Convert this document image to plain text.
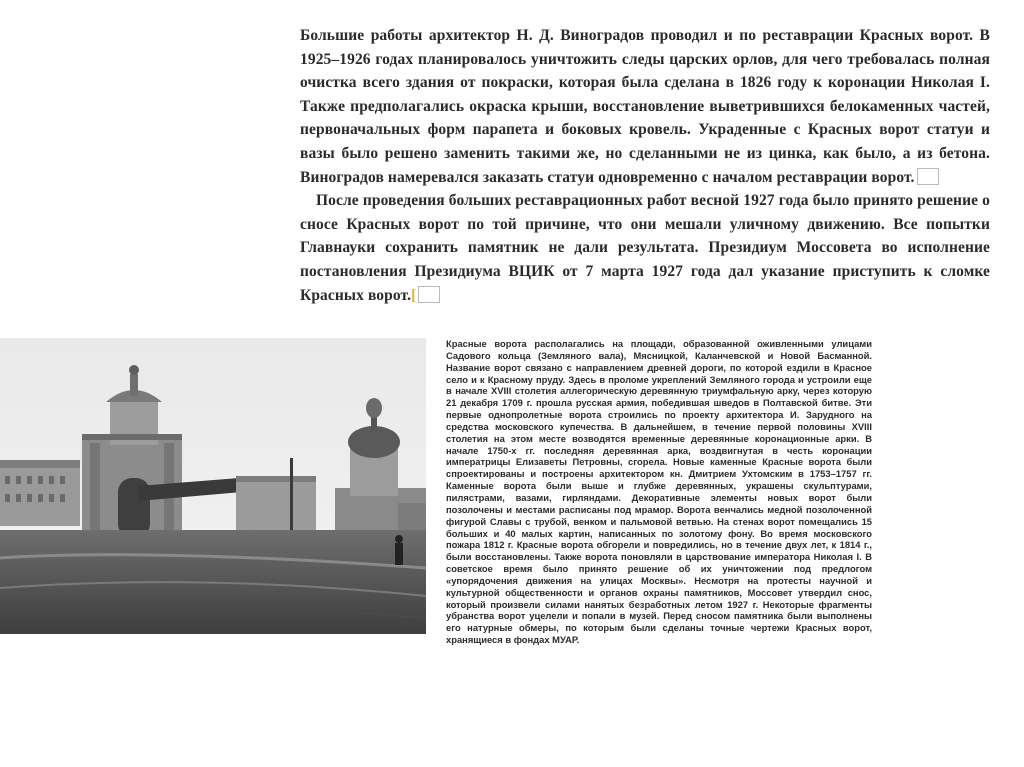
Большие работы архитектор Н. Д. Виноградов проводил и по реставрации Красных ворот. В 1925–1926 годах планировалось уничтожить следы царских орлов, для чего требовалась полная очистка всего здания от покраски, которая была сделана в 1826 году к коронации Николая I. Также предполагались окраска крыши, восстановление выветрившихся белокаменных частей, первоначальных форм парапета и боковых кровель. Украденные с Красных ворот статуи и вазы было решено заменить такими же, но сделанными не из цинка, как было, а из бетона. Виноградов намеревался заказать статуи одновременно с началом реставрации ворот.

После проведения больших реставрационных работ весной 1927 года было принято решение о сносе Красных ворот по той причине, что они мешали уличному движению. Все попытки Главнауки сохранить памятник не дали результата. Президиум Моссовета во исполнение постановления Президиума ВЦИК от 7 марта 1927 года дал указание приступить к сломке Красных ворот.[

Красные ворота располагались на площади, образованной оживленными улицами Садового кольца (Земляного вала), Мясницкой, Каланчевской и Новой Басманной. Название ворот связано с направлением древней дороги, по которой ездили в Красное село и к Красному пруду. Здесь в проломе укреплений Земляного города и устроили еще в начале XVIII столетия аллегорическую деревянную триумфальную арку, через которую 21 декабря 1709 г. прошла русская армия, победившая шведов в Полтавской битве. Эти первые однопролетные ворота строились по проекту архитектора И. Зарудного на средства московского купечества. В дальнейшем, в течение первой половины XVIII столетия на этом месте возводятся временные деревянные коронационные арки. В начале 1750-х гг. последняя деревянная арка, воздвигнутая в честь коронации императрицы Елизаветы Петровны, сгорела. Новые каменные Красные ворота были спроектированы и построены архитектором кн. Дмитрием Ухтомским в 1753–1757 гг. Каменные ворота были выше и глубже деревянных, украшены скульптурами, пилястрами, вазами, гирляндами. Декоративные элементы новых ворот были позолочены и местами расписаны под мрамор. Ворота венчались медной позолоченной фигурой Славы с трубой, венком и пальмовой ветвью. На стенах ворот помещались 15 больших и 40 малых картин, написанных по золотому фону. Во время московского пожара 1812 г. Красные ворота обгорели и повредились, но в течение двух лет, к 1814 г., были восстановлены. Также ворота поновляли в царствование императора Николая I. В советское время было принято решение об их уничтожении под предлогом «упорядочения движения на улицах Москвы». Несмотря на протесты научной и культурной общественности и органов охраны памятников, Моссовет утвердил снос, который произвели силами нанятых безработных летом 1927 г. Некоторые фрагменты убранства ворот уцелели и попали в музей. Перед сносом памятника были выполнены его натурные обмеры, по которым были сделаны точные чертежи Красных ворот, хранящиеся в фондах МУАР.
